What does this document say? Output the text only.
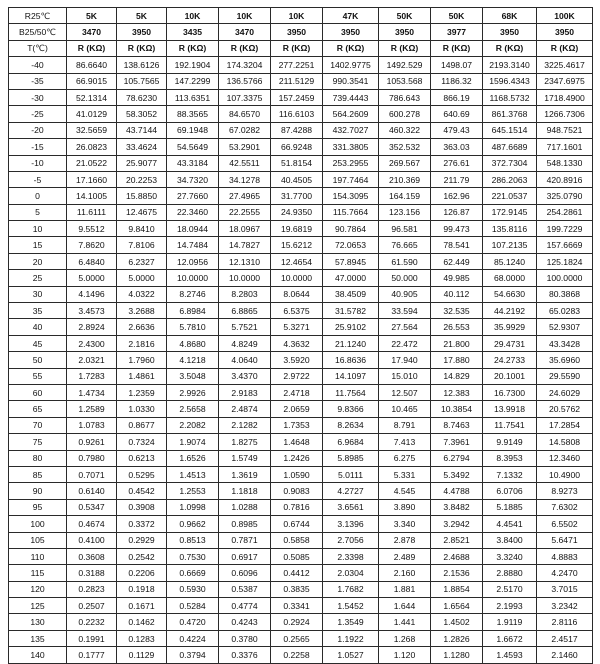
R25℃	5K	5K	10K	10K	10K	47K	50K	50K	68K	100K
B25/50℃	3470	3950	3435	3470	3950	3950	3950	3977	3950	3950
T(℃)	R (KΩ)	R (KΩ)	R (KΩ)	R (KΩ)	R (KΩ)	R (KΩ)	R (KΩ)	R (KΩ)	R (KΩ)	R (KΩ)
-40	86.6640	138.6126	192.1904	174.3204	277.2251	1402.9775	1492.529	1498.07	2193.3140	3225.4617
-35	66.9015	105.7565	147.2299	136.5766	211.5129	990.3541	1053.568	1186.32	1596.4343	2347.6975
-30	52.1314	78.6230	113.6351	107.3375	157.2459	739.4443	786.643	866.19	1168.5732	1718.4900
-25	41.0129	58.3052	88.3565	84.6570	116.6103	564.2609	600.278	640.69	861.3768	1266.7306
-20	32.5659	43.7144	69.1948	67.0282	87.4288	432.7027	460.322	479.43	645.1514	948.7521
-15	26.0823	33.4624	54.5649	53.2901	66.9248	331.3805	352.532	363.03	487.6689	717.1601
-10	21.0522	25.9077	43.3184	42.5511	51.8154	253.2955	269.567	276.61	372.7304	548.1330
-5	17.1660	20.2253	34.7320	34.1278	40.4505	197.7464	210.369	211.79	286.2063	420.8916
0	14.1005	15.8850	27.7660	27.4965	31.7700	154.3095	164.159	162.96	221.0537	325.0790
5	11.6111	12.4675	22.3460	22.2555	24.9350	115.7664	123.156	126.87	172.9145	254.2861
10	9.5512	9.8410	18.0944	18.0967	19.6819	90.7864	96.581	99.473	135.8116	199.7229
15	7.8620	7.8106	14.7484	14.7827	15.6212	72.0653	76.665	78.541	107.2135	157.6669
20	6.4840	6.2327	12.0956	12.1310	12.4654	57.8945	61.590	62.449	85.1240	125.1824
25	5.0000	5.0000	10.0000	10.0000	10.0000	47.0000	50.000	49.985	68.0000	100.0000
30	4.1496	4.0322	8.2746	8.2803	8.0644	38.4509	40.905	40.112	54.6630	80.3868
35	3.4573	3.2688	6.8984	6.8865	6.5375	31.5782	33.594	32.535	44.2192	65.0283
40	2.8924	2.6636	5.7810	5.7521	5.3271	25.9102	27.564	26.553	35.9929	52.9307
45	2.4300	2.1816	4.8680	4.8249	4.3632	21.1240	22.472	21.800	29.4731	43.3428
50	2.0321	1.7960	4.1218	4.0640	3.5920	16.8636	17.940	17.880	24.2733	35.6960
55	1.7283	1.4861	3.5048	3.4370	2.9722	14.1097	15.010	14.829	20.1001	29.5590
60	1.4734	1.2359	2.9926	2.9183	2.4718	11.7564	12.507	12.383	16.7300	24.6029
65	1.2589	1.0330	2.5658	2.4874	2.0659	9.8366	10.465	10.3854	13.9918	20.5762
70	1.0783	0.8677	2.2082	2.1282	1.7353	8.2634	8.791	8.7463	11.7541	17.2854
75	0.9261	0.7324	1.9074	1.8275	1.4648	6.9684	7.413	7.3961	9.9149	14.5808
80	0.7980	0.6213	1.6526	1.5749	1.2426	5.8985	6.275	6.2794	8.3953	12.3460
85	0.7071	0.5295	1.4513	1.3619	1.0590	5.0111	5.331	5.3492	7.1332	10.4900
90	0.6140	0.4542	1.2553	1.1818	0.9083	4.2727	4.545	4.4788	6.0706	8.9273
95	0.5347	0.3908	1.0998	1.0288	0.7816	3.6561	3.890	3.8482	5.1885	7.6302
100	0.4674	0.3372	0.9662	0.8985	0.6744	3.1396	3.340	3.2942	4.4541	6.5502
105	0.4100	0.2929	0.8513	0.7871	0.5858	2.7056	2.878	2.8521	3.8400	5.6471
110	0.3608	0.2542	0.7530	0.6917	0.5085	2.3398	2.489	2.4688	3.3240	4.8883
115	0.3188	0.2206	0.6669	0.6096	0.4412	2.0304	2.160	2.1536	2.8880	4.2470
120	0.2823	0.1918	0.5930	0.5387	0.3835	1.7682	1.881	1.8854	2.5170	3.7015
125	0.2507	0.1671	0.5284	0.4774	0.3341	1.5452	1.644	1.6564	2.1993	3.2342
130	0.2232	0.1462	0.4720	0.4243	0.2924	1.3549	1.441	1.4502	1.9119	2.8116
135	0.1991	0.1283	0.4224	0.3780	0.2565	1.1922	1.268	1.2826	1.6672	2.4517
140	0.1777	0.1129	0.3794	0.3376	0.2258	1.0527	1.120	1.1280	1.4593	2.1460
